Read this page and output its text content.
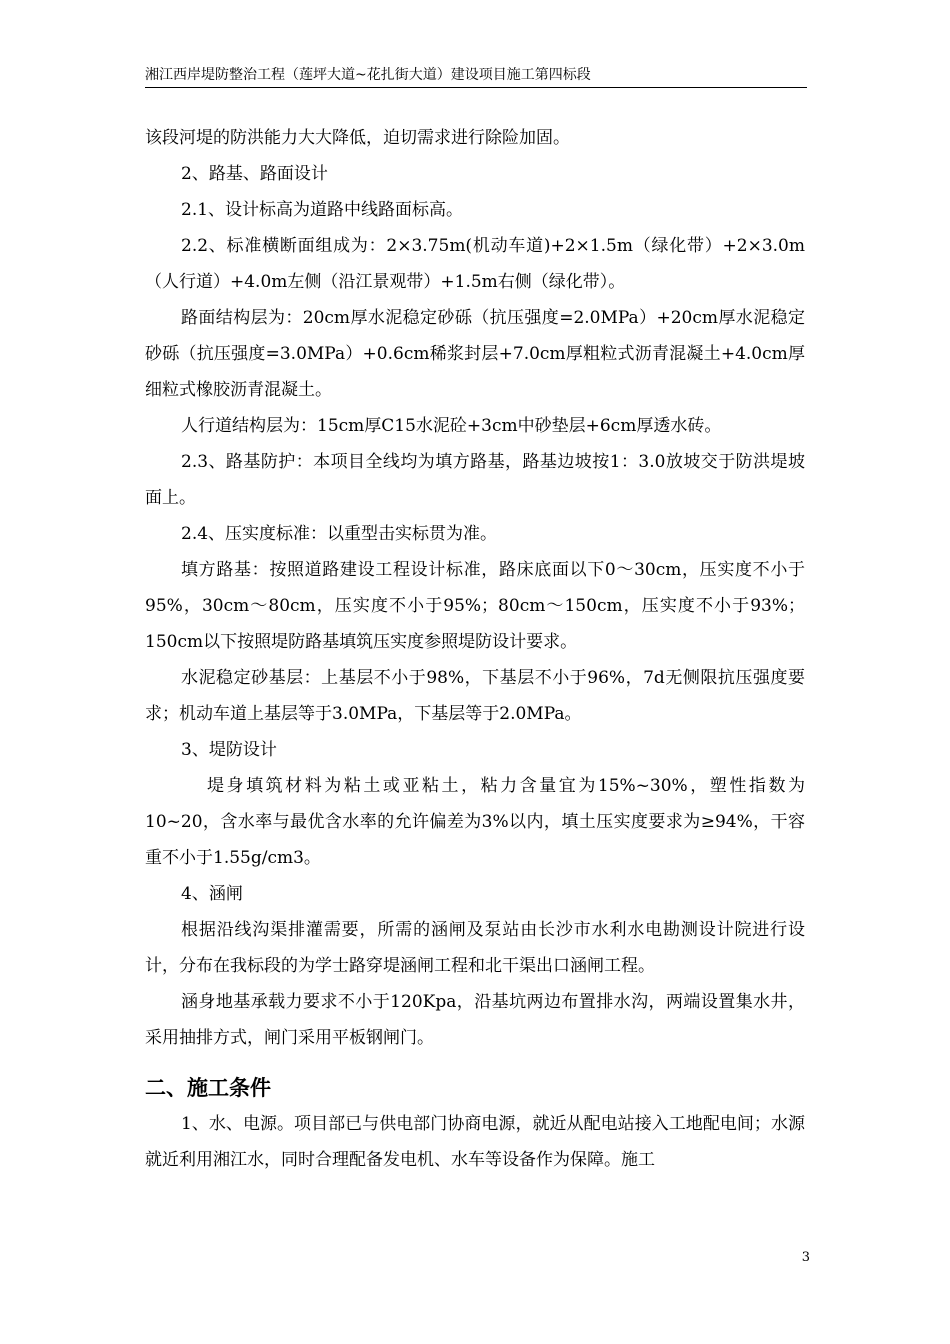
湘江西岸堤防整治工程（莲坪大道~花扎街大道）建设项目施工第四标段

该段河堤的防洪能力大大降低，迫切需求进行除险加固。

2、路基、路面设计

2.1、设计标高为道路中线路面标高。

2.2、标准横断面组成为：2×3.75m(机动车道)+2×1.5m（绿化带）+2×3.0m（人行道）+4.0m左侧（沿江景观带）+1.5m右侧（绿化带）。

路面结构层为：20cm厚水泥稳定砂砾（抗压强度=2.0MPa）+20cm厚水泥稳定砂砾（抗压强度=3.0MPa）+0.6cm稀浆封层+7.0cm厚粗粒式沥青混凝土+4.0cm厚细粒式橡胶沥青混凝土。

人行道结构层为：15cm厚C15水泥砼+3cm中砂垫层+6cm厚透水砖。

2.3、路基防护：本项目全线均为填方路基，路基边坡按1：3.0放坡交于防洪堤坡面上。

2.4、压实度标准：以重型击实标贯为准。

填方路基：按照道路建设工程设计标准，路床底面以下0～30cm，压实度不小于95%，30cm～80cm，压实度不小于95%；80cm～150cm，压实度不小于93%；150cm以下按照堤防路基填筑压实度参照堤防设计要求。

水泥稳定砂基层：上基层不小于98%，下基层不小于96%，7d无侧限抗压强度要求；机动车道上基层等于3.0MPa，下基层等于2.0MPa。

3、堤防设计

堤身填筑材料为粘土或亚粘土，粘力含量宜为15%~30%，塑性指数为10~20，含水率与最优含水率的允许偏差为3%以内，填土压实度要求为≥94%，干容重不小于1.55g/cm3。

4、涵闸

根据沿线沟渠排灌需要，所需的涵闸及泵站由长沙市水利水电勘测设计院进行设计，分布在我标段的为学士路穿堤涵闸工程和北干渠出口涵闸工程。

涵身地基承载力要求不小于120Kpa，沿基坑两边布置排水沟，两端设置集水井，采用抽排方式，闸门采用平板钢闸门。

二、施工条件

1、水、电源。项目部已与供电部门协商电源，就近从配电站接入工地配电间；水源就近利用湘江水，同时合理配备发电机、水车等设备作为保障。施工

3
